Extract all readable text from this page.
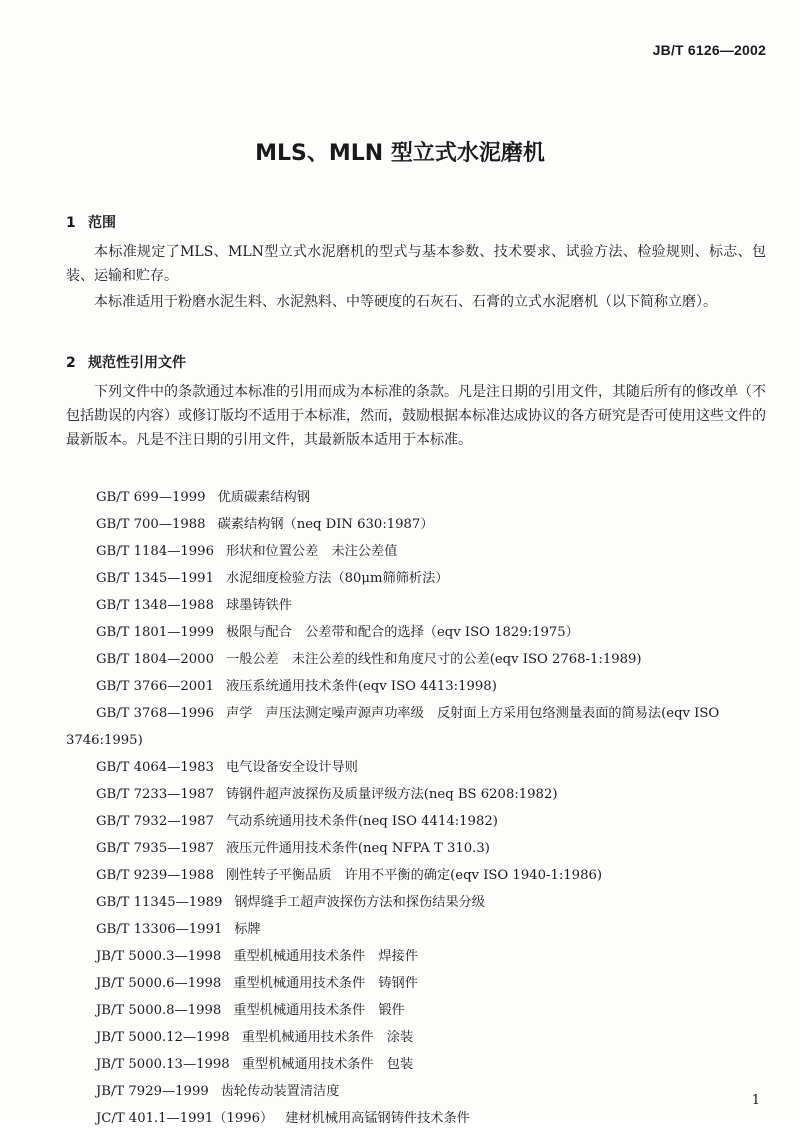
JB/T 6126—2002
MLS、MLN 型立式水泥磨机
1 范围
本标准规定了MLS、MLN型立式水泥磨机的型式与基本参数、技术要求、试验方法、检验规则、标志、包装、运输和贮存。
本标准适用于粉磨水泥生料、水泥熟料、中等硬度的石灰石、石膏的立式水泥磨机（以下简称立磨）。
2 规范性引用文件
下列文件中的条款通过本标准的引用而成为本标准的条款。凡是注日期的引用文件，其随后所有的修改单（不包括勘误的内容）或修订版均不适用于本标准，然而，鼓励根据本标准达成协议的各方研究是否可使用这些文件的最新版本。凡是不注日期的引用文件，其最新版本适用于本标准。
GB/T 699—1999 优质碳素结构钢
GB/T 700—1988 碳素结构钢（neq DIN 630:1987）
GB/T 1184—1996 形状和位置公差　未注公差值
GB/T 1345—1991 水泥细度检验方法（80μm筛筛析法）
GB/T 1348—1988 球墨铸铁件
GB/T 1801—1999 极限与配合　公差带和配合的选择（eqv ISO 1829:1975）
GB/T 1804—2000 一般公差　未注公差的线性和角度尺寸的公差(eqv ISO 2768-1:1989)
GB/T 3766—2001 液压系统通用技术条件(eqv ISO 4413:1998)
GB/T 3768—1996 声学　声压法测定噪声源声功率级　反射面上方采用包络测量表面的简易法(eqv ISO 3746:1995)
GB/T 4064—1983 电气设备安全设计导则
GB/T 7233—1987 铸钢件超声波探伤及质量评级方法(neq BS 6208:1982)
GB/T 7932—1987 气动系统通用技术条件(neq ISO 4414:1982)
GB/T 7935—1987 液压元件通用技术条件(neq NFPA T 310.3)
GB/T 9239—1988 刚性转子平衡品质　许用不平衡的确定(eqv ISO 1940-1:1986)
GB/T 11345—1989 钢焊缝手工超声波探伤方法和探伤结果分级
GB/T 13306—1991 标牌
JB/T 5000.3—1998 重型机械通用技术条件　焊接件
JB/T 5000.6—1998 重型机械通用技术条件　铸钢件
JB/T 5000.8—1998 重型机械通用技术条件　锻件
JB/T 5000.12—1998 重型机械通用技术条件　涂装
JB/T 5000.13—1998 重型机械通用技术条件　包装
JB/T 7929—1999 齿轮传动装置清洁度
JC/T 401.1—1991（1996） 建材机械用高锰钢铸件技术条件
1
